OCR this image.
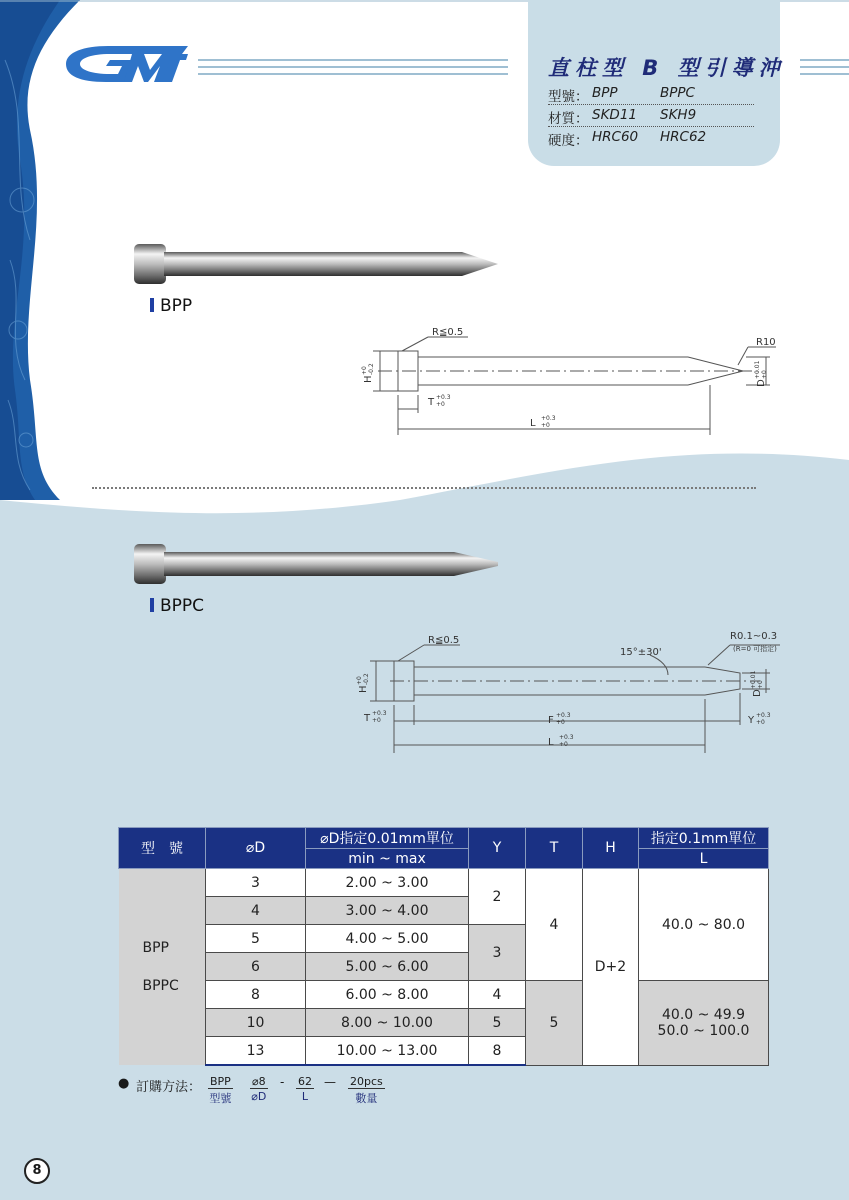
直柱型 B 型引導沖
型號： BPP	BPPC
材質： SKD11 SKH9
硬度： HRC60 HRC62
BPP
R≦0.5
R10
H
+0 -0.2
T +0.3
+0
L +0.3
+0
D
+0.01 +0
BPPC
R≦0.5
15°±30'
R0.1~0.3
(R=0 可指定)
H
+0 -0.2
T +0.3
+0	F +0.3
+0	Y +0.3
+0
L +0.3
+0
D
+0.01 +0
型　號	⌀D	⌀D指定0.01mm單位	Y	T	H	指定0.1mm單位
		min ~ max				L

BPP
BPPC	3	2.00 ~ 3.00	2	4	D+2	40.0 ~ 80.0
	4	3.00 ~ 4.00				
	5	4.00 ~ 5.00	3			
	6	5.00 ~ 6.00				
	8	6.00 ~ 8.00	4	5		40.0 ~ 49.9
50.0 ~ 100.0

	10	8.00 ~ 10.00	5			
	13	10.00 ~ 13.00	8			
● 訂購方法： BPP
型號
⌀8
⌀D
- 62
L
— 20pcs
數量
8
